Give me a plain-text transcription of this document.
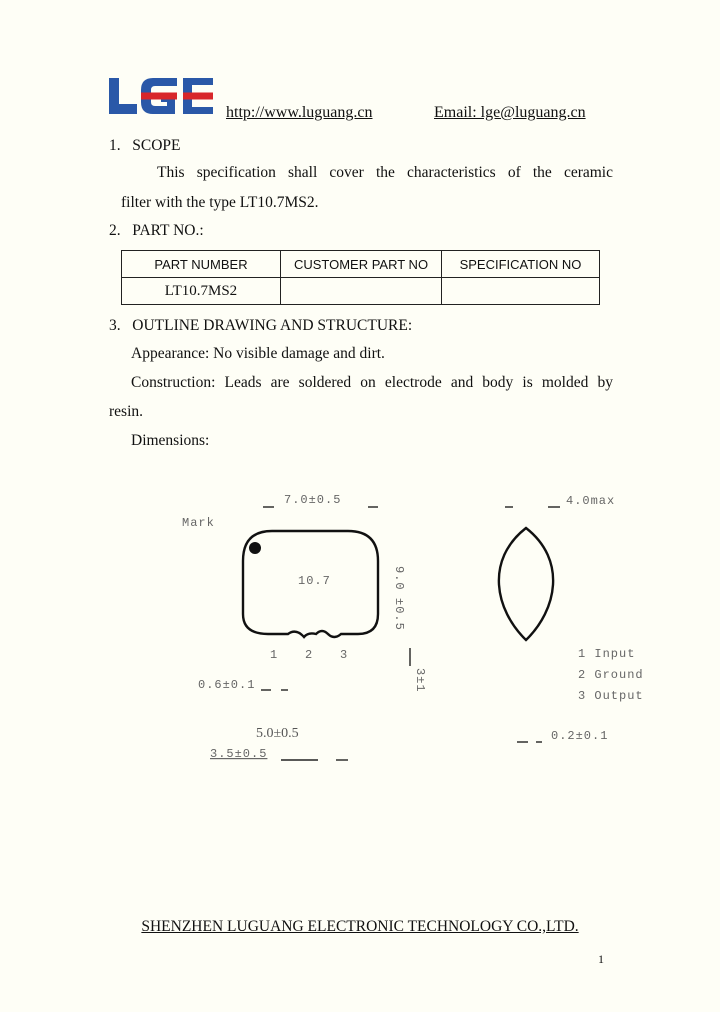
LGE
http://www.luguang.cn	Email: lge@luguang.cn
1.   SCOPE
This specification shall cover the characteristics of the ceramic
filter with the type LT10.7MS2.
2.   PART NO.:
PART NUMBER	CUSTOMER PART NO	SPECIFICATION NO
LT10.7MS2		
3.   OUTLINE DRAWING AND STRUCTURE:
Appearance: No visible damage and dirt.
Construction: Leads are soldered on electrode and body is molded by
resin.
Dimensions:
7.0±0.5
Mark
10.7	9.0
±0.5
1 2 3
0.6±0.1	3±1
5.0±0.5
3.5±0.5
4.0max
1 Input
2 Ground
3 Output
0.2±0.1
SHENZHEN LUGUANG ELECTRONIC TECHNOLOGY CO.,LTD.
1
